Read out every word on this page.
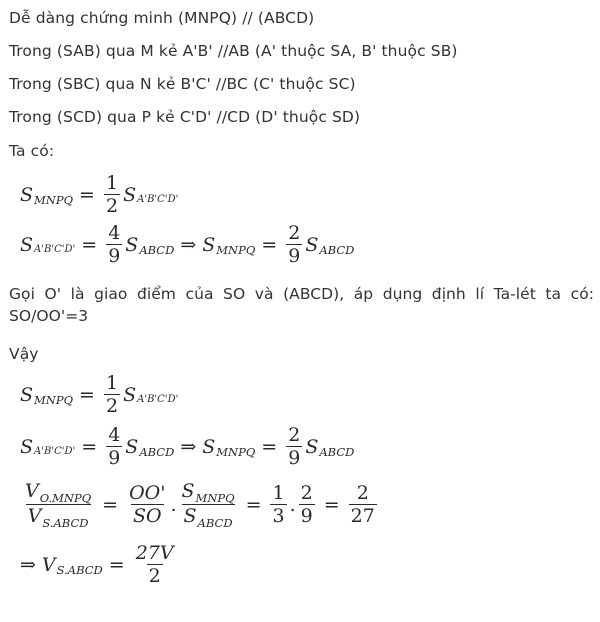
Dễ dàng chứng minh (MNPQ) // (ABCD)
Trong (SAB) qua M kẻ A'B' //AB (A' thuộc SA, B' thuộc SB)
Trong (SBC) qua N kẻ B'C' //BC (C' thuộc SC)
Trong (SCD) qua P kẻ C'D' //CD (D' thuộc SD)
Ta có:
S MNPQ = $\frac{1}{2}$ S A'B'C'D'
S $A'B'C'D' = \frac{4}{9}$ S ABCD ⇒ S MNPQ = $\frac{2}{9}$ S ABCD
Gọi O' là giao điểm của SO và (ABCD), áp dụng định lí Ta-lét ta có: SO/OO'=3
Vậy
S MNPQ = $\frac{1}{2}$ S A'B'C'D'
S $A'B'C'D' = \frac{4}{9}$ S ABCD ⇒ S MNPQ = $\frac{2}{9}$ S ABCD
$\frac{V_{O.MNPQ}}{V_{S.ABCD}} = \frac{OO'}{SO}$ . $\frac{S_{MNPQ}}{S_{ABCD}} = \frac{1}{3}$ . $\frac{2}{9} = \frac{2}{27}$
⇒ V S.ABCD = $\frac{27V}{2}$
